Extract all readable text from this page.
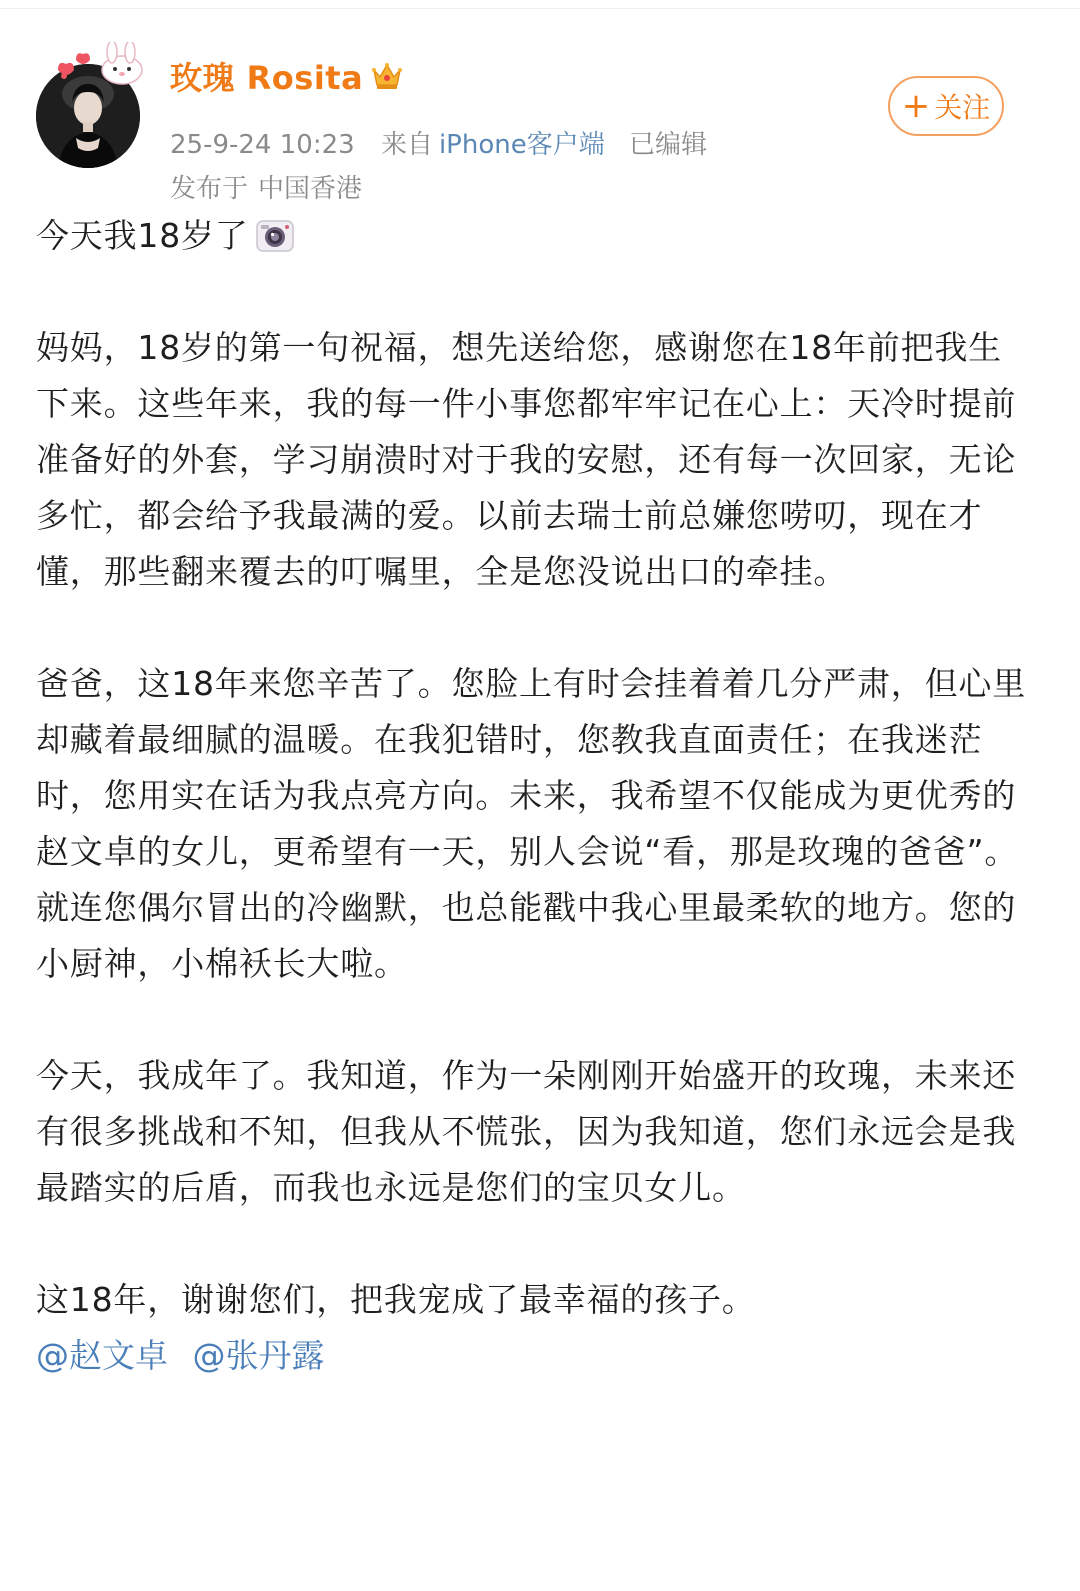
玫瑰 Rosita
25-9-24 10:23 来自 iPhone客户端 已编辑
发布于 中国香港
+ 关注

今天我18岁了

妈妈，18岁的第一句祝福，想先送给您，感谢您在18年前把我生下来。这些年来，我的每一件小事您都牢牢记在心上：天冷时提前准备好的外套，学习崩溃时对于我的安慰，还有每一次回家，无论多忙，都会给予我最满的爱。以前去瑞士前总嫌您唠叨，现在才懂，那些翻来覆去的叮嘱里，全是您没说出口的牵挂。

爸爸，这18年来您辛苦了。您脸上有时会挂着着几分严肃，但心里却藏着最细腻的温暖。在我犯错时，您教我直面责任；在我迷茫时，您用实在话为我点亮方向。未来，我希望不仅能成为更优秀的赵文卓的女儿，更希望有一天，别人会说“看，那是玫瑰的爸爸”。就连您偶尔冒出的冷幽默，也总能戳中我心里最柔软的地方。您的小厨神，小棉袄长大啦。

今天，我成年了。我知道，作为一朵刚刚开始盛开的玫瑰，未来还有很多挑战和不知，但我从不慌张，因为我知道，您们永远会是我最踏实的后盾，而我也永远是您们的宝贝女儿。

这18年，谢谢您们，把我宠成了最幸福的孩子。

@赵文卓 @张丹露
